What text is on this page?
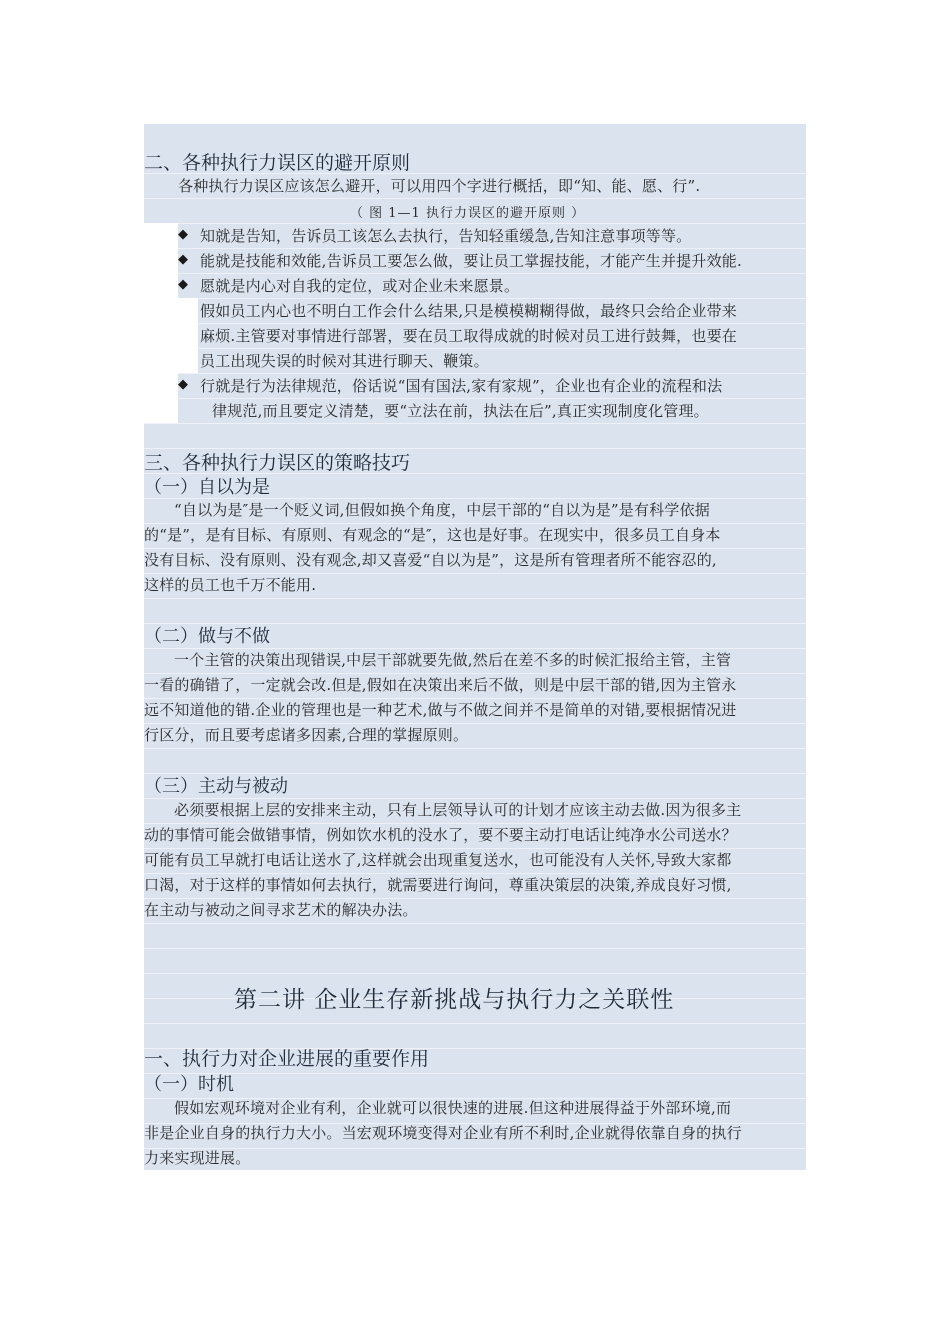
二、各种执行力误区的避开原则
各种执行力误区应该怎么避开，可以用四个字进行概括，即“知、能、愿、行”.
（ 图 1—1 执行力误区的避开原则 ）
◆ 知就是告知，告诉员工该怎么去执行，告知轻重缓急,告知注意事项等等。
◆ 能就是技能和效能,告诉员工要怎么做，要让员工掌握技能，才能产生并提升效能.
◆ 愿就是内心对自我的定位，或对企业未来愿景。
假如员工内心也不明白工作会什么结果,只是模模糊糊得做，最终只会给企业带来
麻烦.主管要对事情进行部署，要在员工取得成就的时候对员工进行鼓舞，也要在
员工出现失误的时候对其进行聊天、鞭策。
◆ 行就是行为法律规范，俗话说“国有国法,家有家规”，企业也有企业的流程和法
律规范,而且要定义清楚，要“立法在前，执法在后”,真正实现制度化管理。
三、各种执行力误区的策略技巧
（一）自以为是
“自以为是″是一个贬义词,但假如换个角度，中层干部的“自以为是”是有科学依据
的“是”，是有目标、有原则、有观念的“是″，这也是好事。在现实中，很多员工自身本
没有目标、没有原则、没有观念,却又喜爱“自以为是”，这是所有管理者所不能容忍的,
这样的员工也千万不能用.
（二）做与不做
一个主管的决策出现错误,中层干部就要先做,然后在差不多的时候汇报给主管，主管
一看的确错了，一定就会改.但是,假如在决策出来后不做，则是中层干部的错,因为主管永
远不知道他的错.企业的管理也是一种艺术,做与不做之间并不是简单的对错,要根据情况进
行区分，而且要考虑诸多因素,合理的掌握原则。
（三）主动与被动
必须要根据上层的安排来主动，只有上层领导认可的计划才应该主动去做.因为很多主
动的事情可能会做错事情，例如饮水机的没水了，要不要主动打电话让纯净水公司送水？
可能有员工早就打电话让送水了,这样就会出现重复送水，也可能没有人关怀,导致大家都
口渴，对于这样的事情如何去执行，就需要进行询问，尊重决策层的决策,养成良好习惯,
在主动与被动之间寻求艺术的解决办法。
第二讲 企业生存新挑战与执行力之关联性
一、执行力对企业进展的重要作用
（一）时机
假如宏观环境对企业有利，企业就可以很快速的进展.但这种进展得益于外部环境,而
非是企业自身的执行力大小。当宏观环境变得对企业有所不利时,企业就得依靠自身的执行
力来实现进展。
